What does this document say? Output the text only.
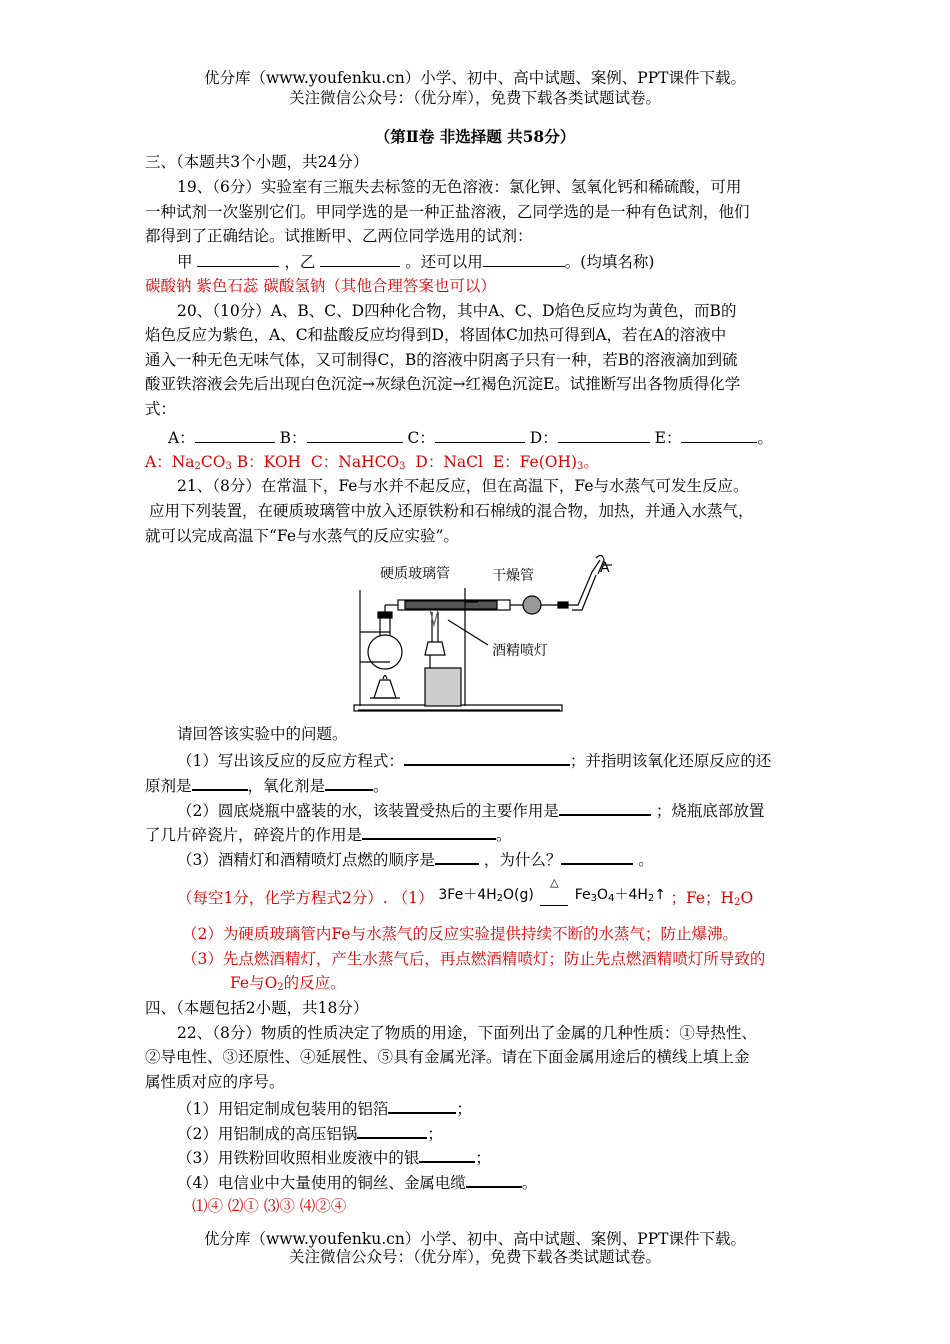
优分库（www.youfenku.cn）小学、初中、高中试题、案例、PPT课件下载。
关注微信公众号：（优分库），免费下载各类试题试卷。
（第Ⅱ卷 非选择题 共58分）
三、（本题共3个小题，共24分）
19、（6分）实验室有三瓶失去标签的无色溶液：氯化钾、氢氧化钙和稀硫酸，可用
一种试剂一次鉴别它们。甲同学选的是一种正盐溶液，乙同学选的是一种有色试剂，他们
都得到了正确结论。试推断甲、乙两位同学选用的试剂：
甲	，乙	。还可以用	。(均填名称)
碳酸钠 紫色石蕊 碳酸氢钠（其他合理答案也可以）
20、（10分）A、B、C、D四种化合物，其中A、C、D焰色反应均为黄色，而B的
焰色反应为紫色，A、C和盐酸反应均得到D，将固体C加热可得到A，若在A的溶液中
通入一种无色无味气体，又可制得C，B的溶液中阴离子只有一种，若B的溶液滴加到硫
酸亚铁溶液会先后出现白色沉淀→灰绿色沉淀→红褐色沉淀E。试推断写出各物质得化学
式：
A：	B：	C：	D：	E：	。
A：$Na_2CO_3$ B：KOH C：NaHCO$_3$ D：NaCl E：$Fe(OH)_3$。
21、（8分）在常温下，Fe与水并不起反应，但在高温下，Fe与水蒸气可发生反应。
应用下列装置，在硬质玻璃管中放入还原铁粉和石棉绒的混合物，加热，并通入水蒸气，
就可以完成高温下“Fe与水蒸气的反应实验”。
硬质玻璃管	干燥管	A
酒精喷灯
请回答该实验中的问题。
（1）写出该反应的反应方程式：	；并指明该氧化还原反应的还
原剂是	，氧化剂是	。
（2）圆底烧瓶中盛装的水，该装置受热后的主要作用是	；烧瓶底部放置
了几片碎瓷片，碎瓷片的作用是	。
（3）酒精灯和酒精喷灯点燃的顺序是	，为什么？	。
（每空1分，化学方程式2分）. （1） $3Fe+4H_2O(g)$
△
$Fe_3O_4+4H_2↑$ ；Fe；$H_2O$
（2）为硬质玻璃管内Fe与水蒸气的反应实验提供持续不断的水蒸气；防止爆沸。
（3）先点燃酒精灯，产生水蒸气后，再点燃酒精喷灯；防止先点燃酒精喷灯所导致的
Fe与$O_2$的反应。
四、（本题包括2小题，共18分）
22、（8分）物质的性质决定了物质的用途，下面列出了金属的几种性质：①导热性、
②导电性、③还原性、④延展性、⑤具有金属光泽。请在下面金属用途后的横线上填上金
属性质对应的序号。
（1）用铝定制成包装用的铝箔	；
（2）用铝制成的高压铝锅	；
（3）用铁粉回收照相业废液中的银	；
（4）电信业中大量使用的铜丝、金属电缆	。
⑴④ ⑵① ⑶③ ⑷②④
优分库（www.youfenku.cn）小学、初中、高中试题、案例、PPT课件下载。
关注微信公众号：（优分库），免费下载各类试题试卷。
